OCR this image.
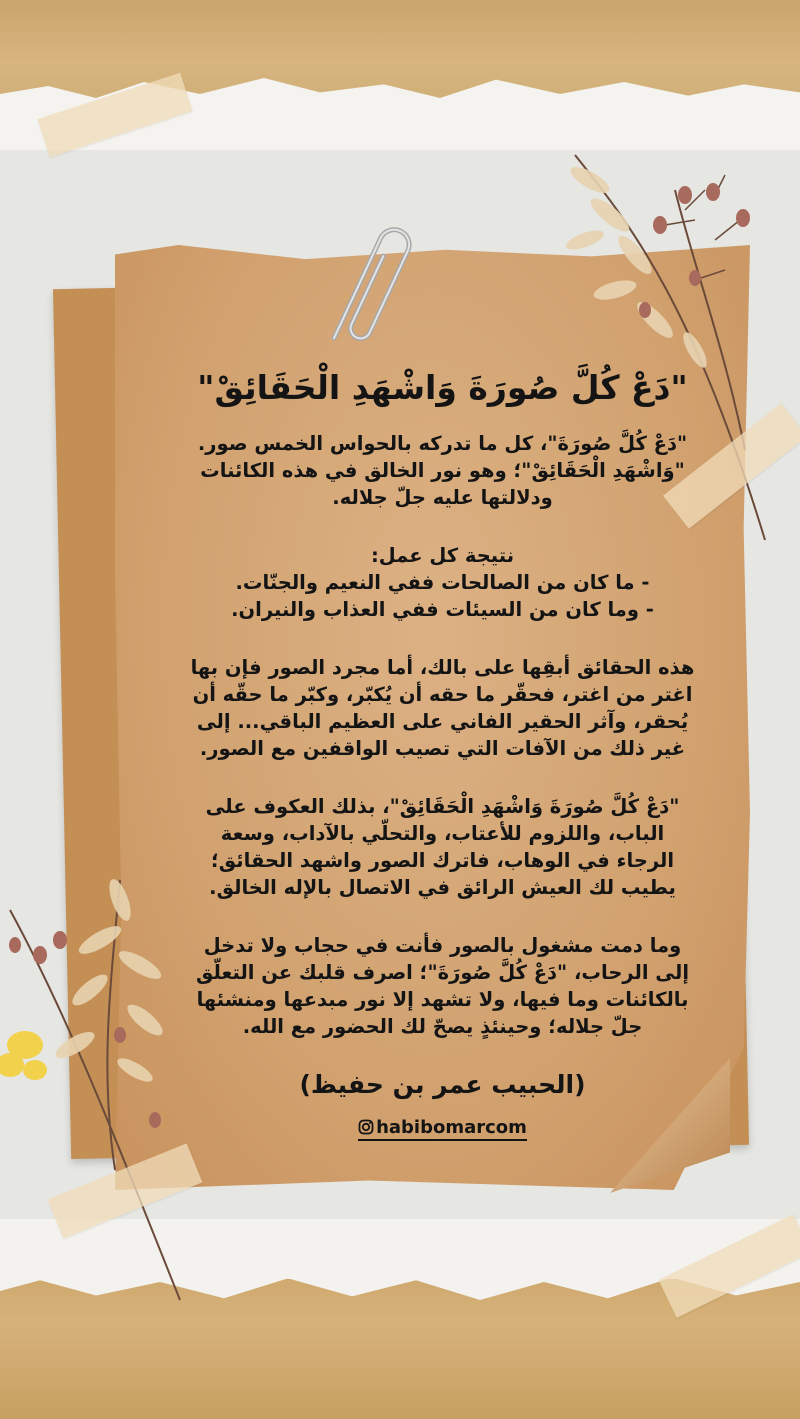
"دَعْ كُلَّ صُورَةَ وَاشْهَدِ الْحَقَائِقْ"
"دَعْ كُلَّ صُورَةَ"، كل ما تدركه بالحواس الخمس صور.
"وَاشْهَدِ الْحَقَائِقْ"؛ وهو نور الخالق في هذه الكائنات
ودلالتها عليه جلّ جلاله.
نتيجة كل عمل:
- ما كان من الصالحات ففي النعيم والجنّات.
- وما كان من السيئات ففي العذاب والنيران.
هذه الحقائق أبقِها على بالك، أما مجرد الصور فإن بها
اغتر من اغتر، فحقّر ما حقه أن يُكبّر، وكبّر ما حقّه أن
يُحقر، وآثر الحقير الفاني على العظيم الباقي... إلى
غير ذلك من الآفات التي تصيب الواقفين مع الصور.
"دَعْ كُلَّ صُورَةَ وَاشْهَدِ الْحَقَائِقْ"، بذلك العكوف على
الباب، واللزوم للأعتاب، والتحلّي بالآداب، وسعة
الرجاء في الوهاب، فاترك الصور واشهد الحقائق؛
يطيب لك العيش الرائق في الاتصال بالإله الخالق.
وما دمت مشغول بالصور فأنت في حجاب ولا تدخل
إلى الرحاب، "دَعْ كُلَّ صُورَةَ"؛ اصرف قلبك عن التعلّق
بالكائنات وما فيها، ولا تشهد إلا نور مبدعها ومنشئها
جلّ جلاله؛ وحينئذٍ يصحّ لك الحضور مع الله.
(الحبيب عمر بن حفيظ)
habibomarcom
